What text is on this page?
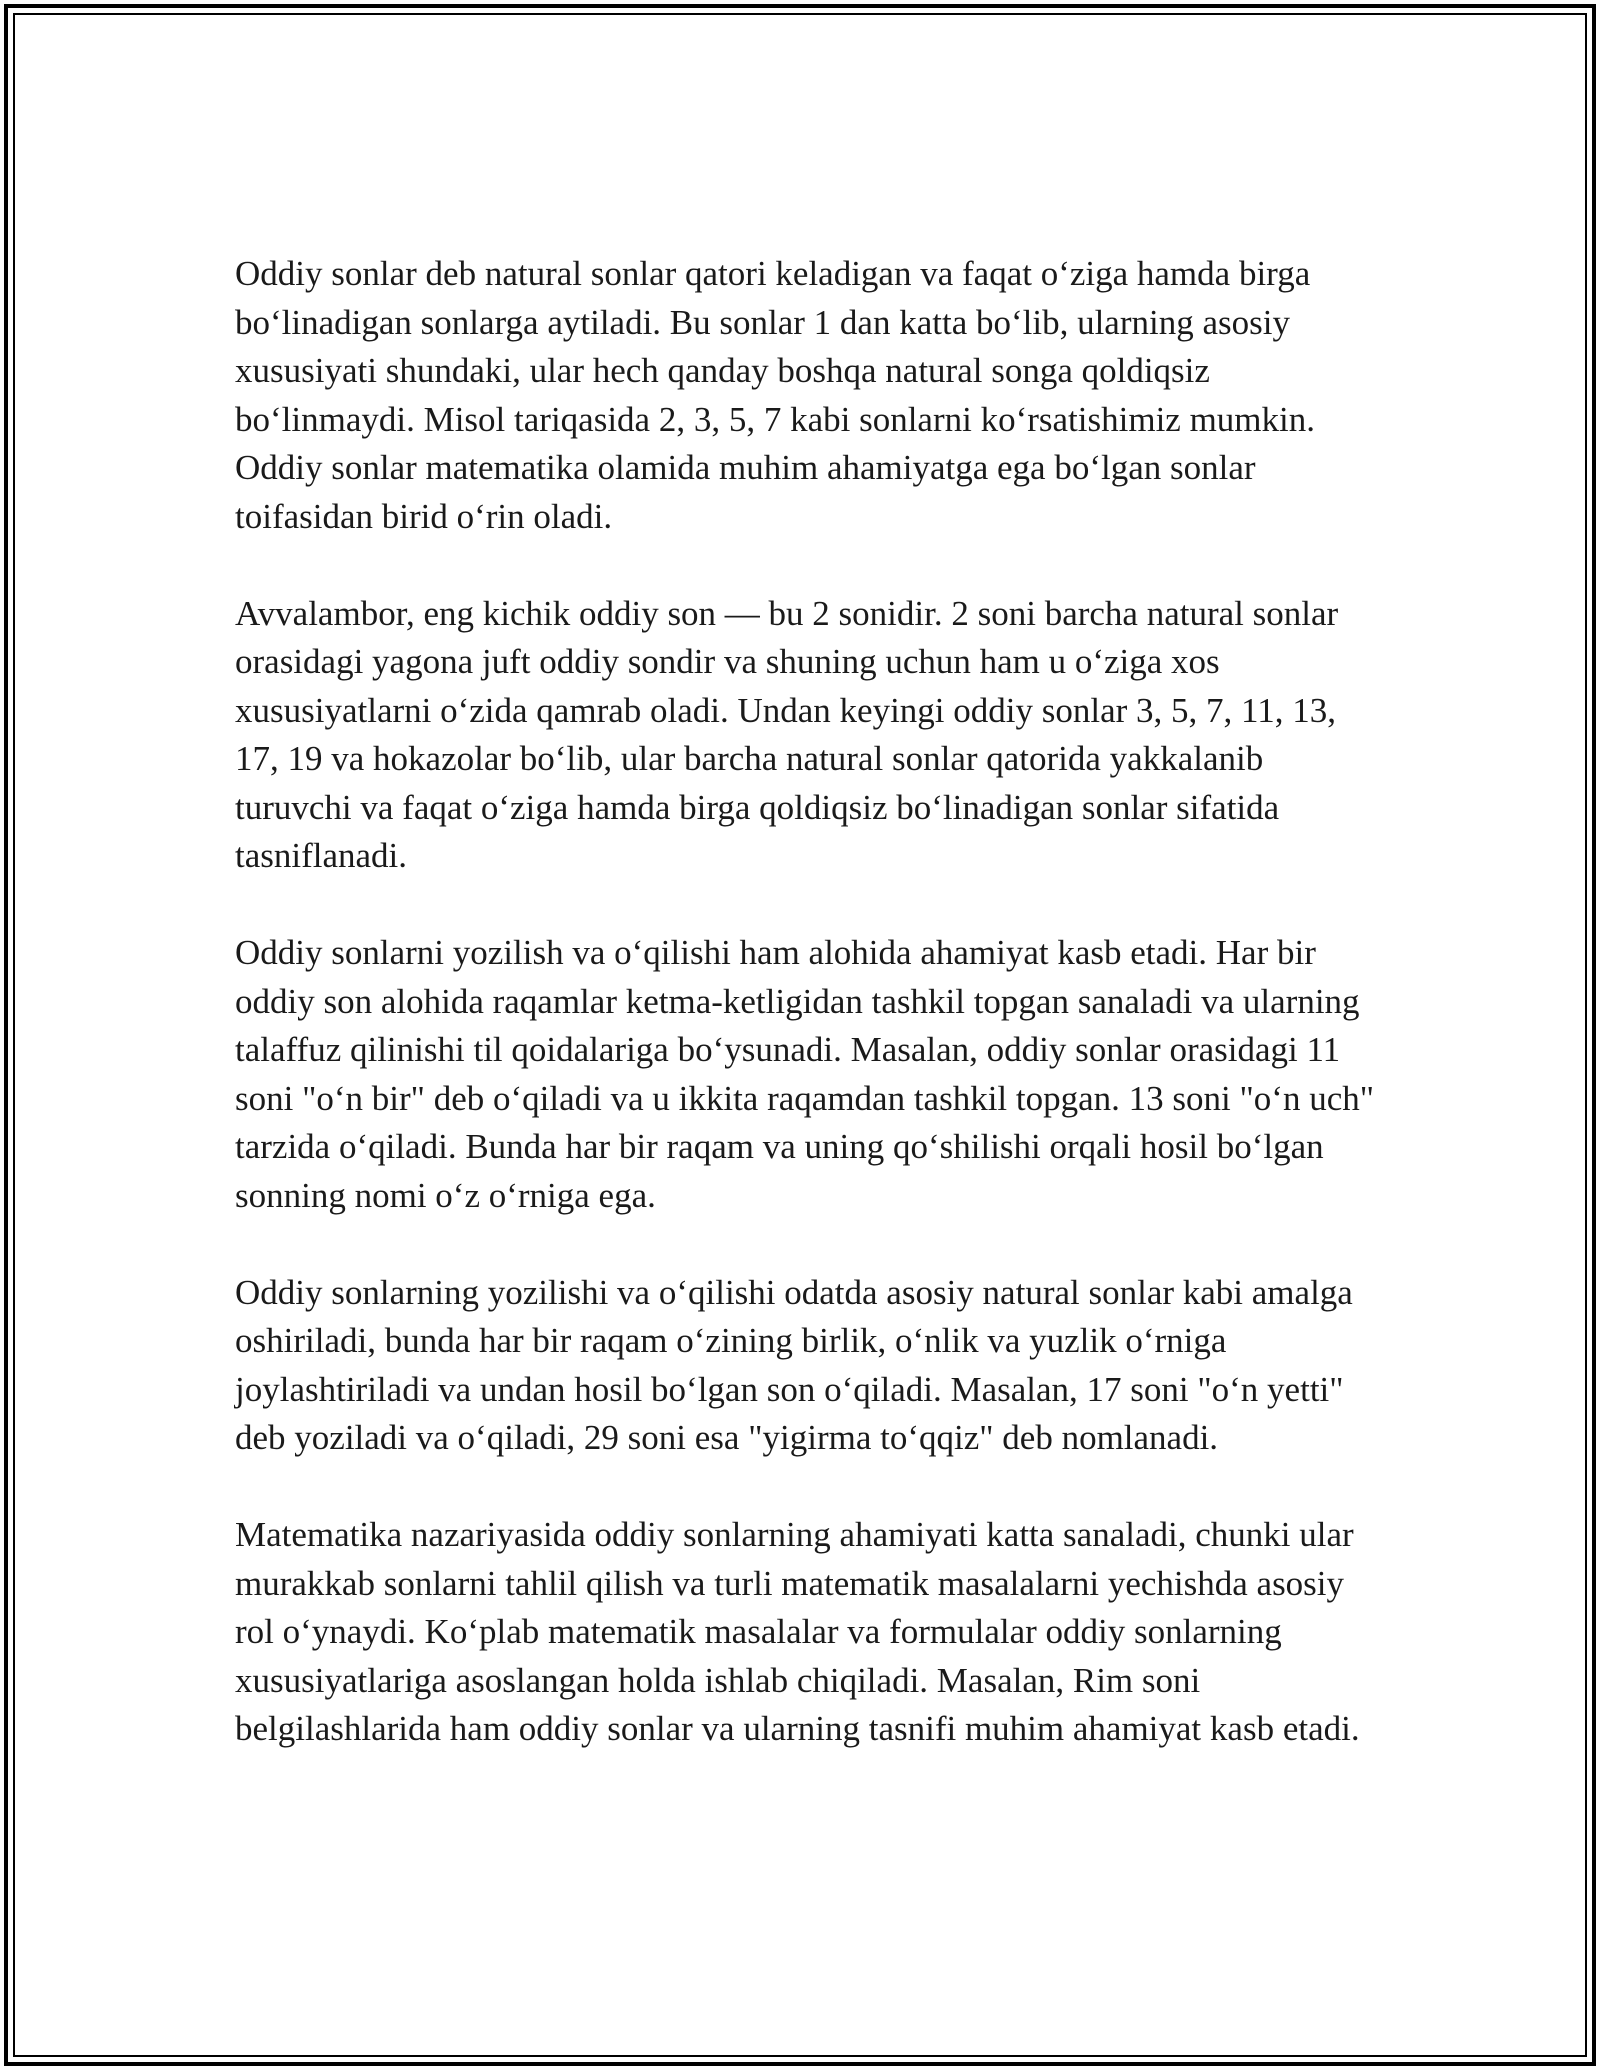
Oddiy sonlar deb natural sonlar qatori keladigan va faqat o‘ziga hamda birga bo‘linadigan sonlarga aytiladi. Bu sonlar 1 dan katta bo‘lib, ularning asosiy xususiyati shundaki, ular hech qanday boshqa natural songa qoldiqsiz bo‘linmaydi. Misol tariqasida 2, 3, 5, 7 kabi sonlarni ko‘rsatishimiz mumkin. Oddiy sonlar matematika olamida muhim ahamiyatga ega bo‘lgan sonlar toifasidan birid o‘rin oladi.

Avvalambor, eng kichik oddiy son — bu 2 sonidir. 2 soni barcha natural sonlar orasidagi yagona juft oddiy sondir va shuning uchun ham u o‘ziga xos xususiyatlarni o‘zida qamrab oladi. Undan keyingi oddiy sonlar 3, 5, 7, 11, 13, 17, 19 va hokazolar bo‘lib, ular barcha natural sonlar qatorida yakkalanib turuvchi va faqat o‘ziga hamda birga qoldiqsiz bo‘linadigan sonlar sifatida tasniflanadi.

Oddiy sonlarni yozilish va o‘qilishi ham alohida ahamiyat kasb etadi. Har bir oddiy son alohida raqamlar ketma-ketligidan tashkil topgan sanaladi va ularning talaffuz qilinishi til qoidalariga bo‘ysunadi. Masalan, oddiy sonlar orasidagi 11 soni "o‘n bir" deb o‘qiladi va u ikkita raqamdan tashkil topgan. 13 soni "o‘n uch" tarzida o‘qiladi. Bunda har bir raqam va uning qo‘shilishi orqali hosil bo‘lgan sonning nomi o‘z o‘rniga ega.

Oddiy sonlarning yozilishi va o‘qilishi odatda asosiy natural sonlar kabi amalga oshiriladi, bunda har bir raqam o‘zining birlik, o‘nlik va yuzlik o‘rniga joylashtiriladi va undan hosil bo‘lgan son o‘qiladi. Masalan, 17 soni "o‘n yetti" deb yoziladi va o‘qiladi, 29 soni esa "yigirma to‘qqiz" deb nomlanadi.

Matematika nazariyasida oddiy sonlarning ahamiyati katta sanaladi, chunki ular murakkab sonlarni tahlil qilish va turli matematik masalalarni yechishda asosiy rol o‘ynaydi. Ko‘plab matematik masalalar va formulalar oddiy sonlarning xususiyatlariga asoslangan holda ishlab chiqiladi. Masalan, Rim soni belgilashlarida ham oddiy sonlar va ularning tasnifi muhim ahamiyat kasb etadi.
